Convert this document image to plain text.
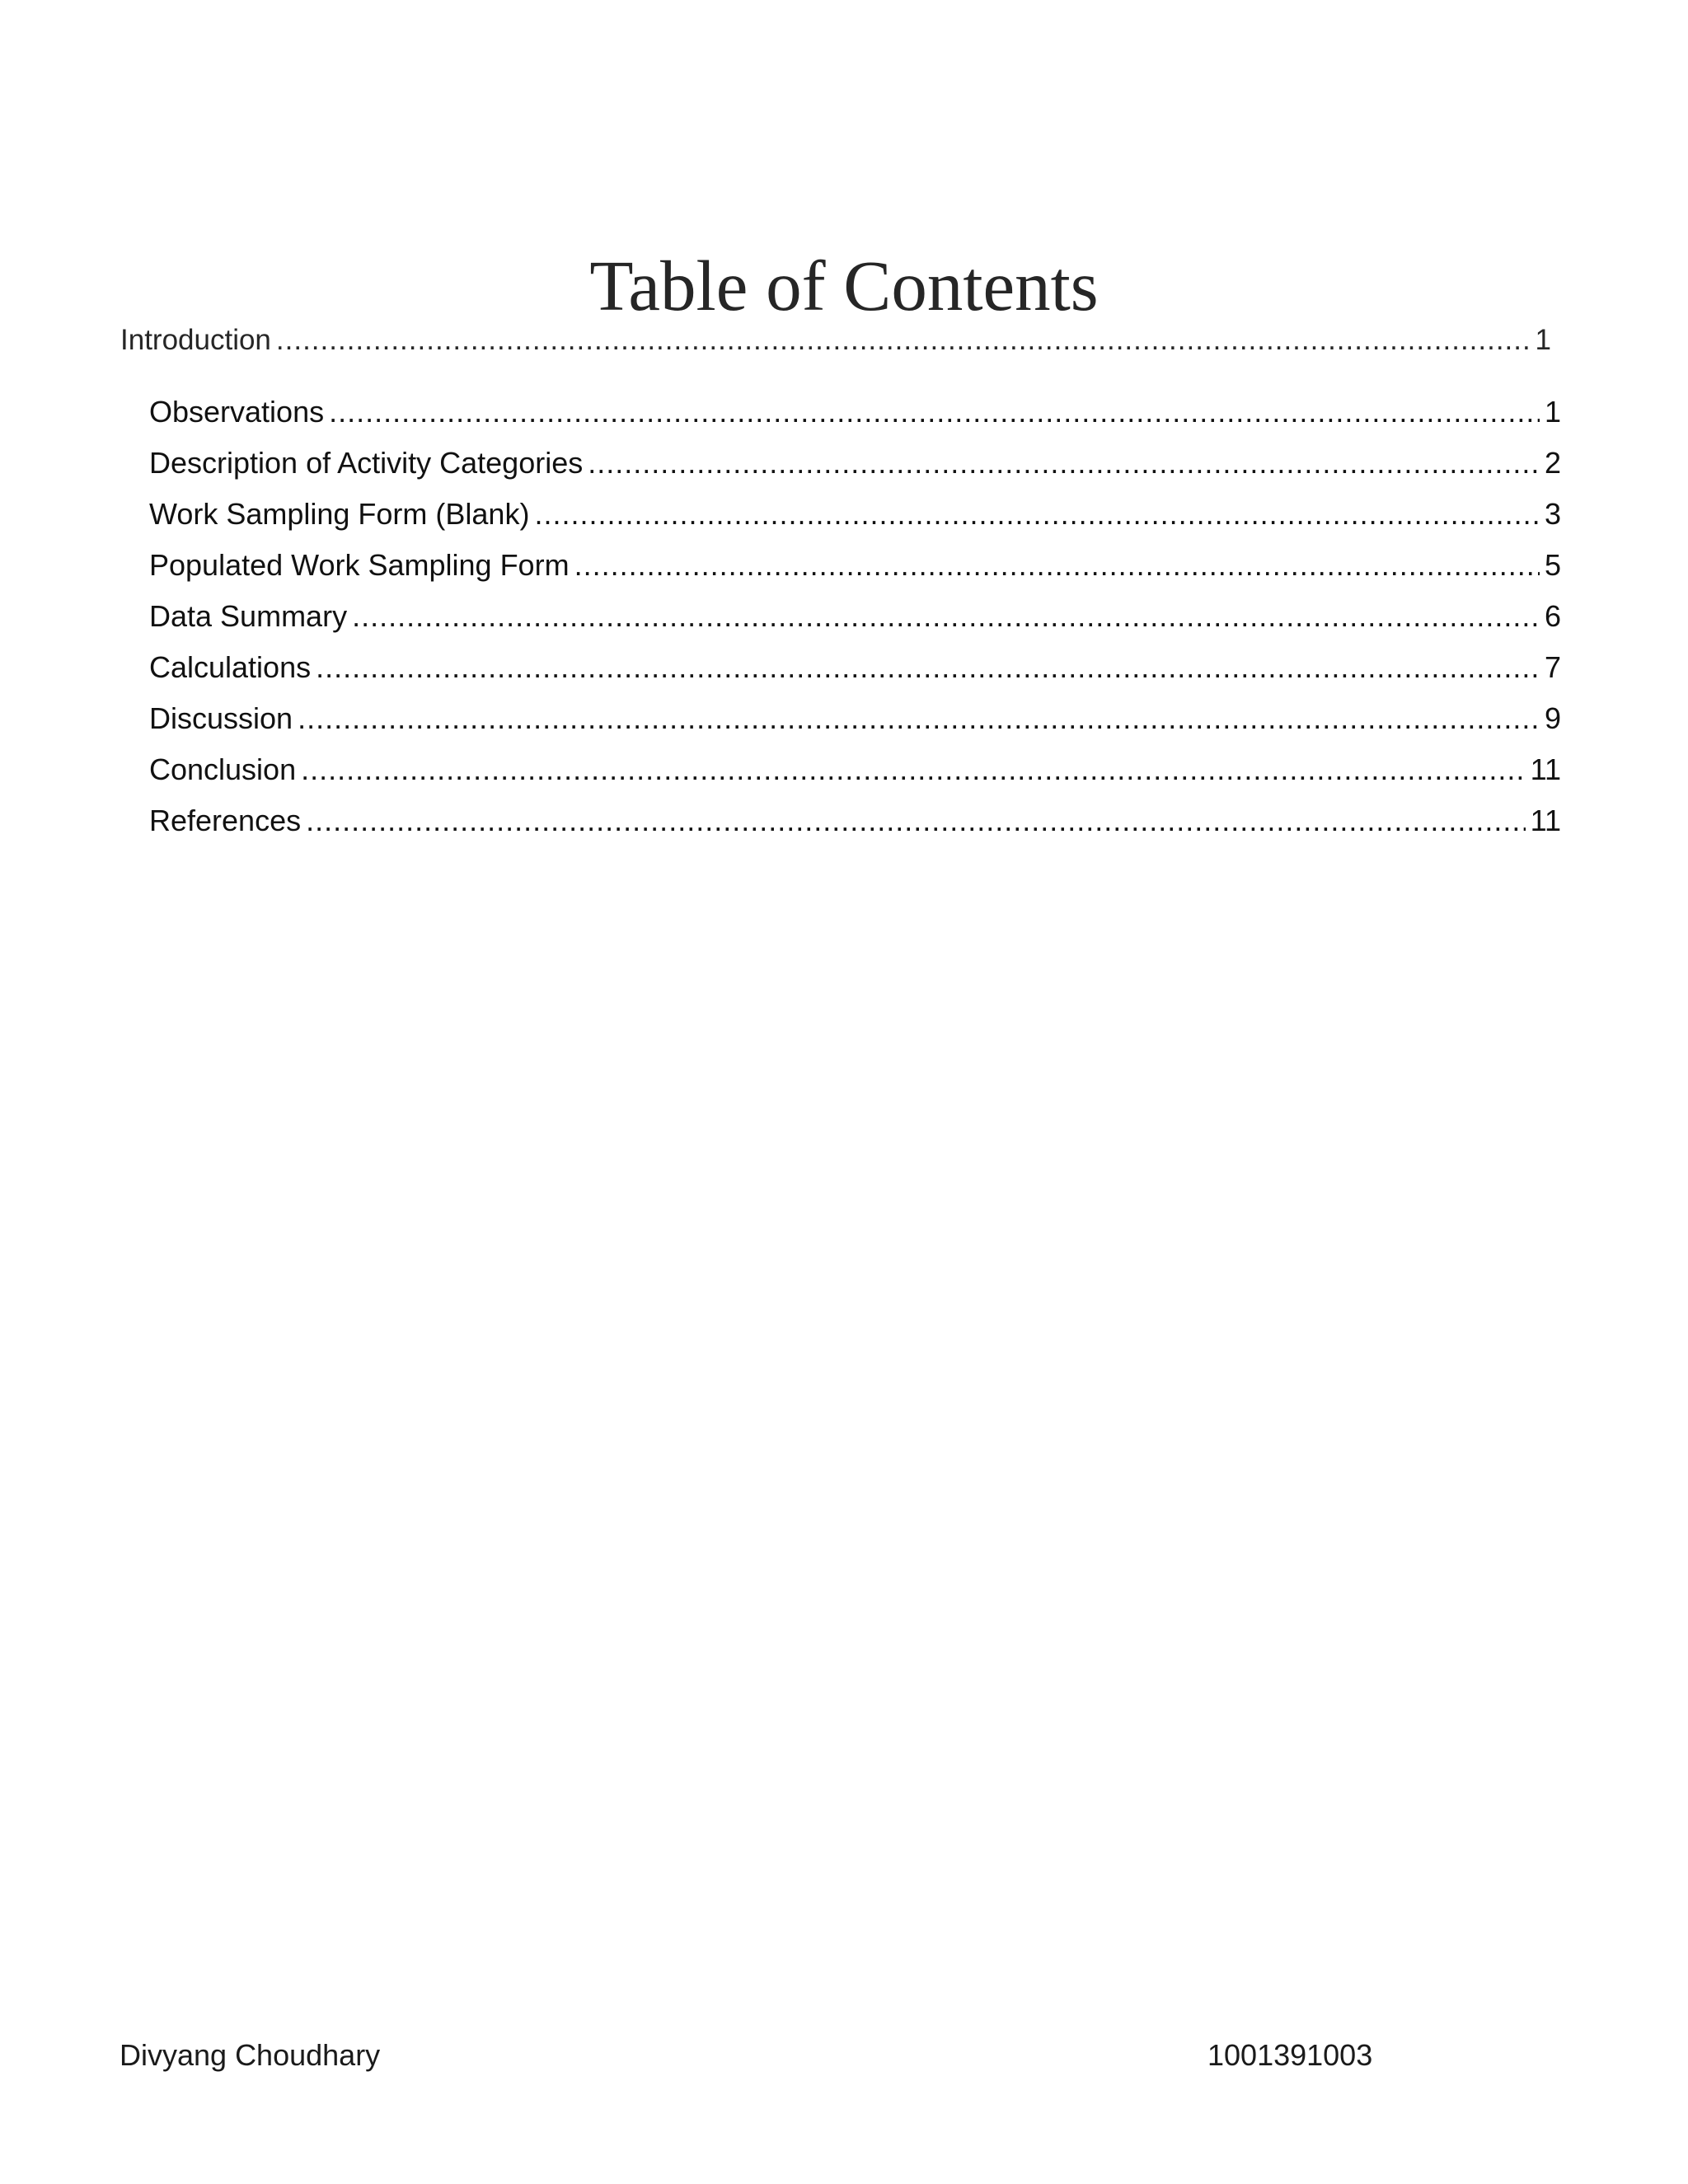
Table of Contents
Introduction .....	1
Observations .....	1
Description of Activity Categories .....	2
Work Sampling Form (Blank) .....	3
Populated Work Sampling Form .....	5
Data Summary .....	6
Calculations .....	7
Discussion .....	9
Conclusion .....	11
References .....	11
Divyang Choudhary	1001391003
